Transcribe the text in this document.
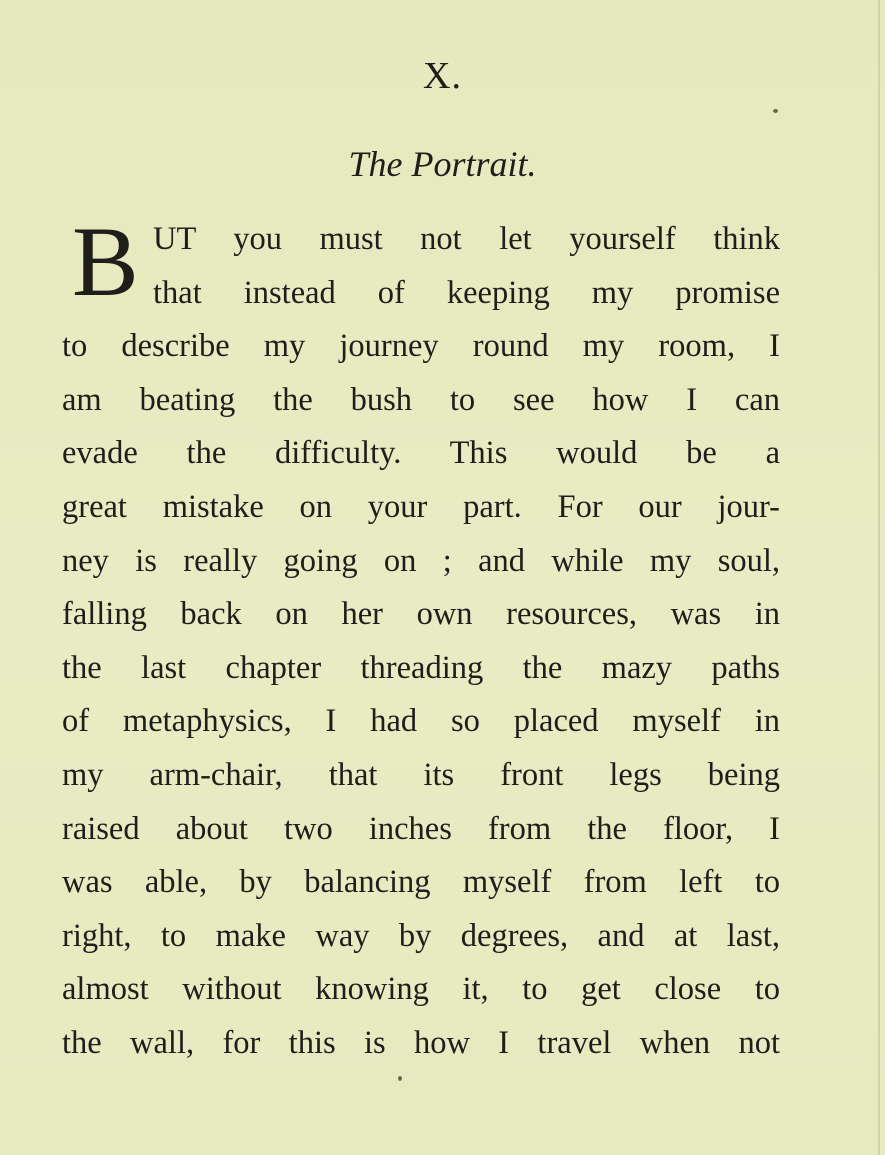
X.
The Portrait.
B UT you must not let yourself think
that instead of keeping my promise
to describe my journey round my room, I
am beating the bush to see how I can
evade the difficulty. This would be a
great mistake on your part. For our jour-
ney is really going on ; and while my soul,
falling back on her own resources, was in
the last chapter threading the mazy paths
of metaphysics, I had so placed myself in
my arm-chair, that its front legs being
raised about two inches from the floor, I
was able, by balancing myself from left to
right, to make way by degrees, and at last,
almost without knowing it, to get close to
the wall, for this is how I travel when not
